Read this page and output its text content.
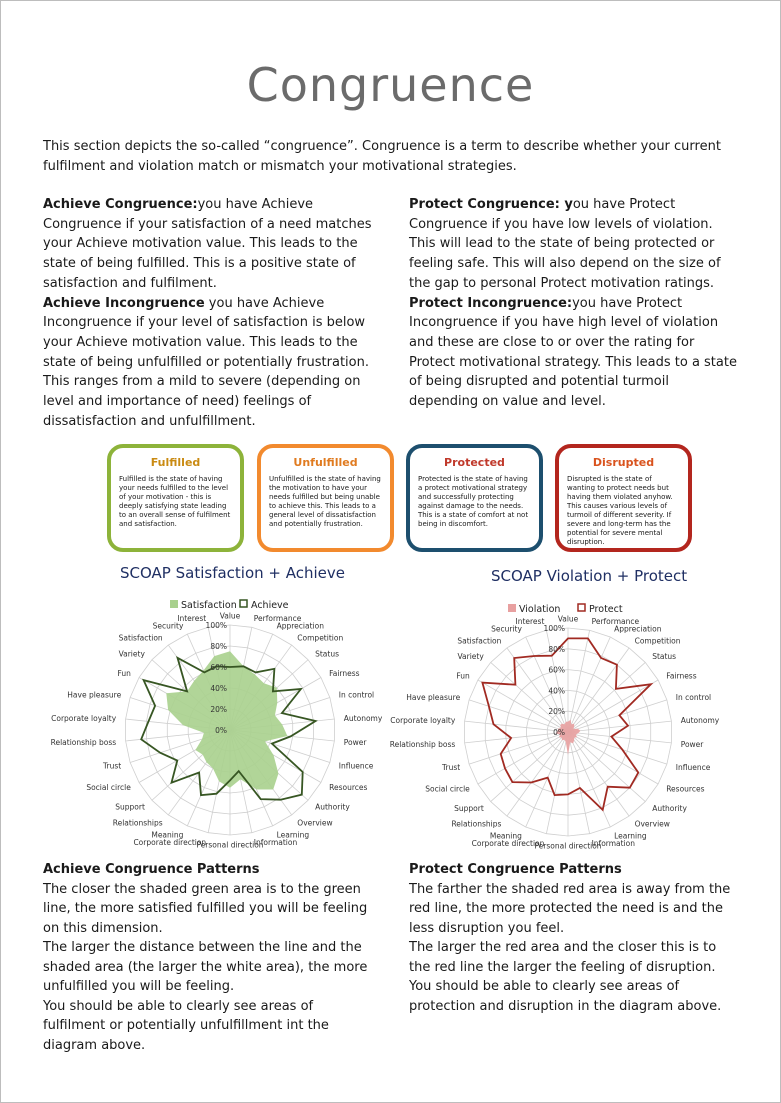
Congruence
This section depicts the so-called “congruence”. Congruence is a term to describe whether your current fulfilment and violation match or mismatch your motivational strategies.
Achieve Congruence:you have Achieve Congruence if your satisfaction of a need matches your Achieve motivation value. This leads to the state of being fulfilled. This is a positive state of satisfaction and fulfilment.
Achieve Incongruence you have Achieve Incongruence if your level of satisfaction is below your Achieve motivation value. This leads to the state of being unfulfilled or potentially frustration. This ranges from a mild to severe (depending on level and importance of need) feelings of dissatisfaction and unfulfillment.
Protect Congruence: you have Protect Congruence if you have low levels of violation. This will lead to the state of being protected or feeling safe. This will also depend on the size of the gap to personal Protect motivation ratings.
Protect Incongruence:you have Protect Incongruence if you have high level of violation and these are close to or over the rating for Protect motivational strategy. This leads to a state of being disrupted and potential turmoil depending on value and level.
Fulfilled
Fulfilled is the state of having your needs fulfilled to the level of your motivation - this is deeply satisfying state leading to an overall sense of fulfilment and satisfaction.
Unfulfilled
Unfulfilled is the state of having the motivation to have your needs fulfilled but being unable to achieve this. This leads to a general level of dissatisfaction and potentially frustration.
Protected
Protected is the state of having a protect motivational strategy and successfully protecting against damage to the needs. This is a state of comfort at not being in discomfort.
Disrupted
Disrupted is the state of wanting to protect needs but having them violated anyhow. This causes various levels of turmoil of different severity. If severe and long-term has the potential for severe mental disruption.
SCOAP Satisfaction + Achieve	SCOAP Violation + Protect
Satisfaction Achieve
0%
20%
40%
60%
80%
100%
Value Performance
Appreciation
Competition
Status
Fairness
In control
Autonomy
Power
Influence
Resources
Authority
Overview
Learning
Information
Personal direction
Corporate direction
Meaning
Relationships
Support
Social circle
Trust
Relationship boss
Corporate loyalty
Have pleasure
Fun
Variety
Satisfaction
Security
Interest
Violation	Protect
0%
20%
40%
60%
80%
100%
Value Performance
Appreciation
Competition
Status
Fairness
In control
Autonomy
Power
Influence
Resources
Authority
Overview
Learning
Information
Personal direction
Corporate direction
Meaning
Relationships
Support
Social circle
Trust
Relationship boss
Corporate loyalty
Have pleasure
Fun
Variety
Satisfaction
Security
Interest
Achieve Congruence Patterns
The closer the shaded green area is to the green line, the more satisfied fulfilled you will be feeling on this dimension.
The larger the distance between the line and the shaded area (the larger the white area), the more unfulfilled you will be feeling.
You should be able to clearly see areas of fulfilment or potentially unfulfillment int the diagram above.
Protect Congruence Patterns
The farther the shaded red area is away from the red line, the more protected the need is and the less disruption you feel.
The larger the red area and the closer this is to the red line the larger the feeling of disruption.
You should be able to clearly see areas of protection and disruption in the diagram above.
